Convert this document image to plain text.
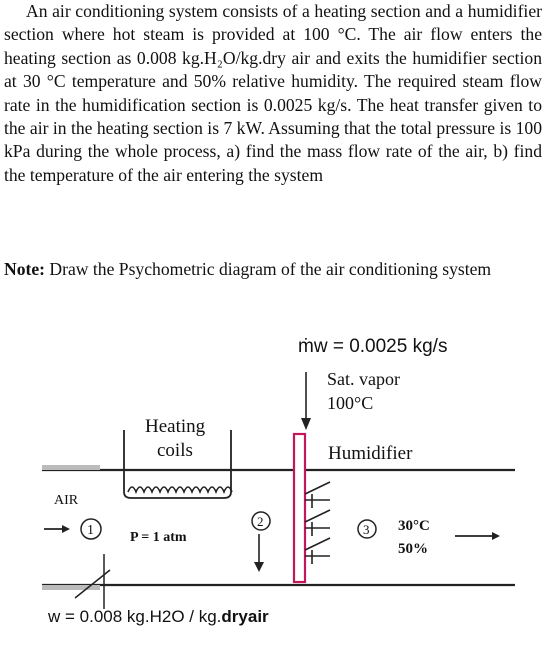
An air conditioning system consists of a heating section and a humidifier section where hot steam is provided at 100 °C. The air flow enters the heating section as 0.008 kg.H₂O/kg.dry air and exits the humidifier section at 30 °C temperature and 50% relative humidity. The required steam flow rate in the humidification section is 0.0025 kg/s. The heat transfer given to the air in the heating section is 7 kW. Assuming that the total pressure is 100 kPa during the whole process, a) find the mass flow rate of the air, b) find the temperature of the air entering the system

Note: Draw the Psychometric diagram of the air conditioning system
ṁw = 0.0025 kg/s
Sat. vapor
100°C
Heating
coils	Humidifier
AIR
P = 1 atm
1
2
3 30°C
50%
w = 0.008 kg.H2O / kg.dryair
